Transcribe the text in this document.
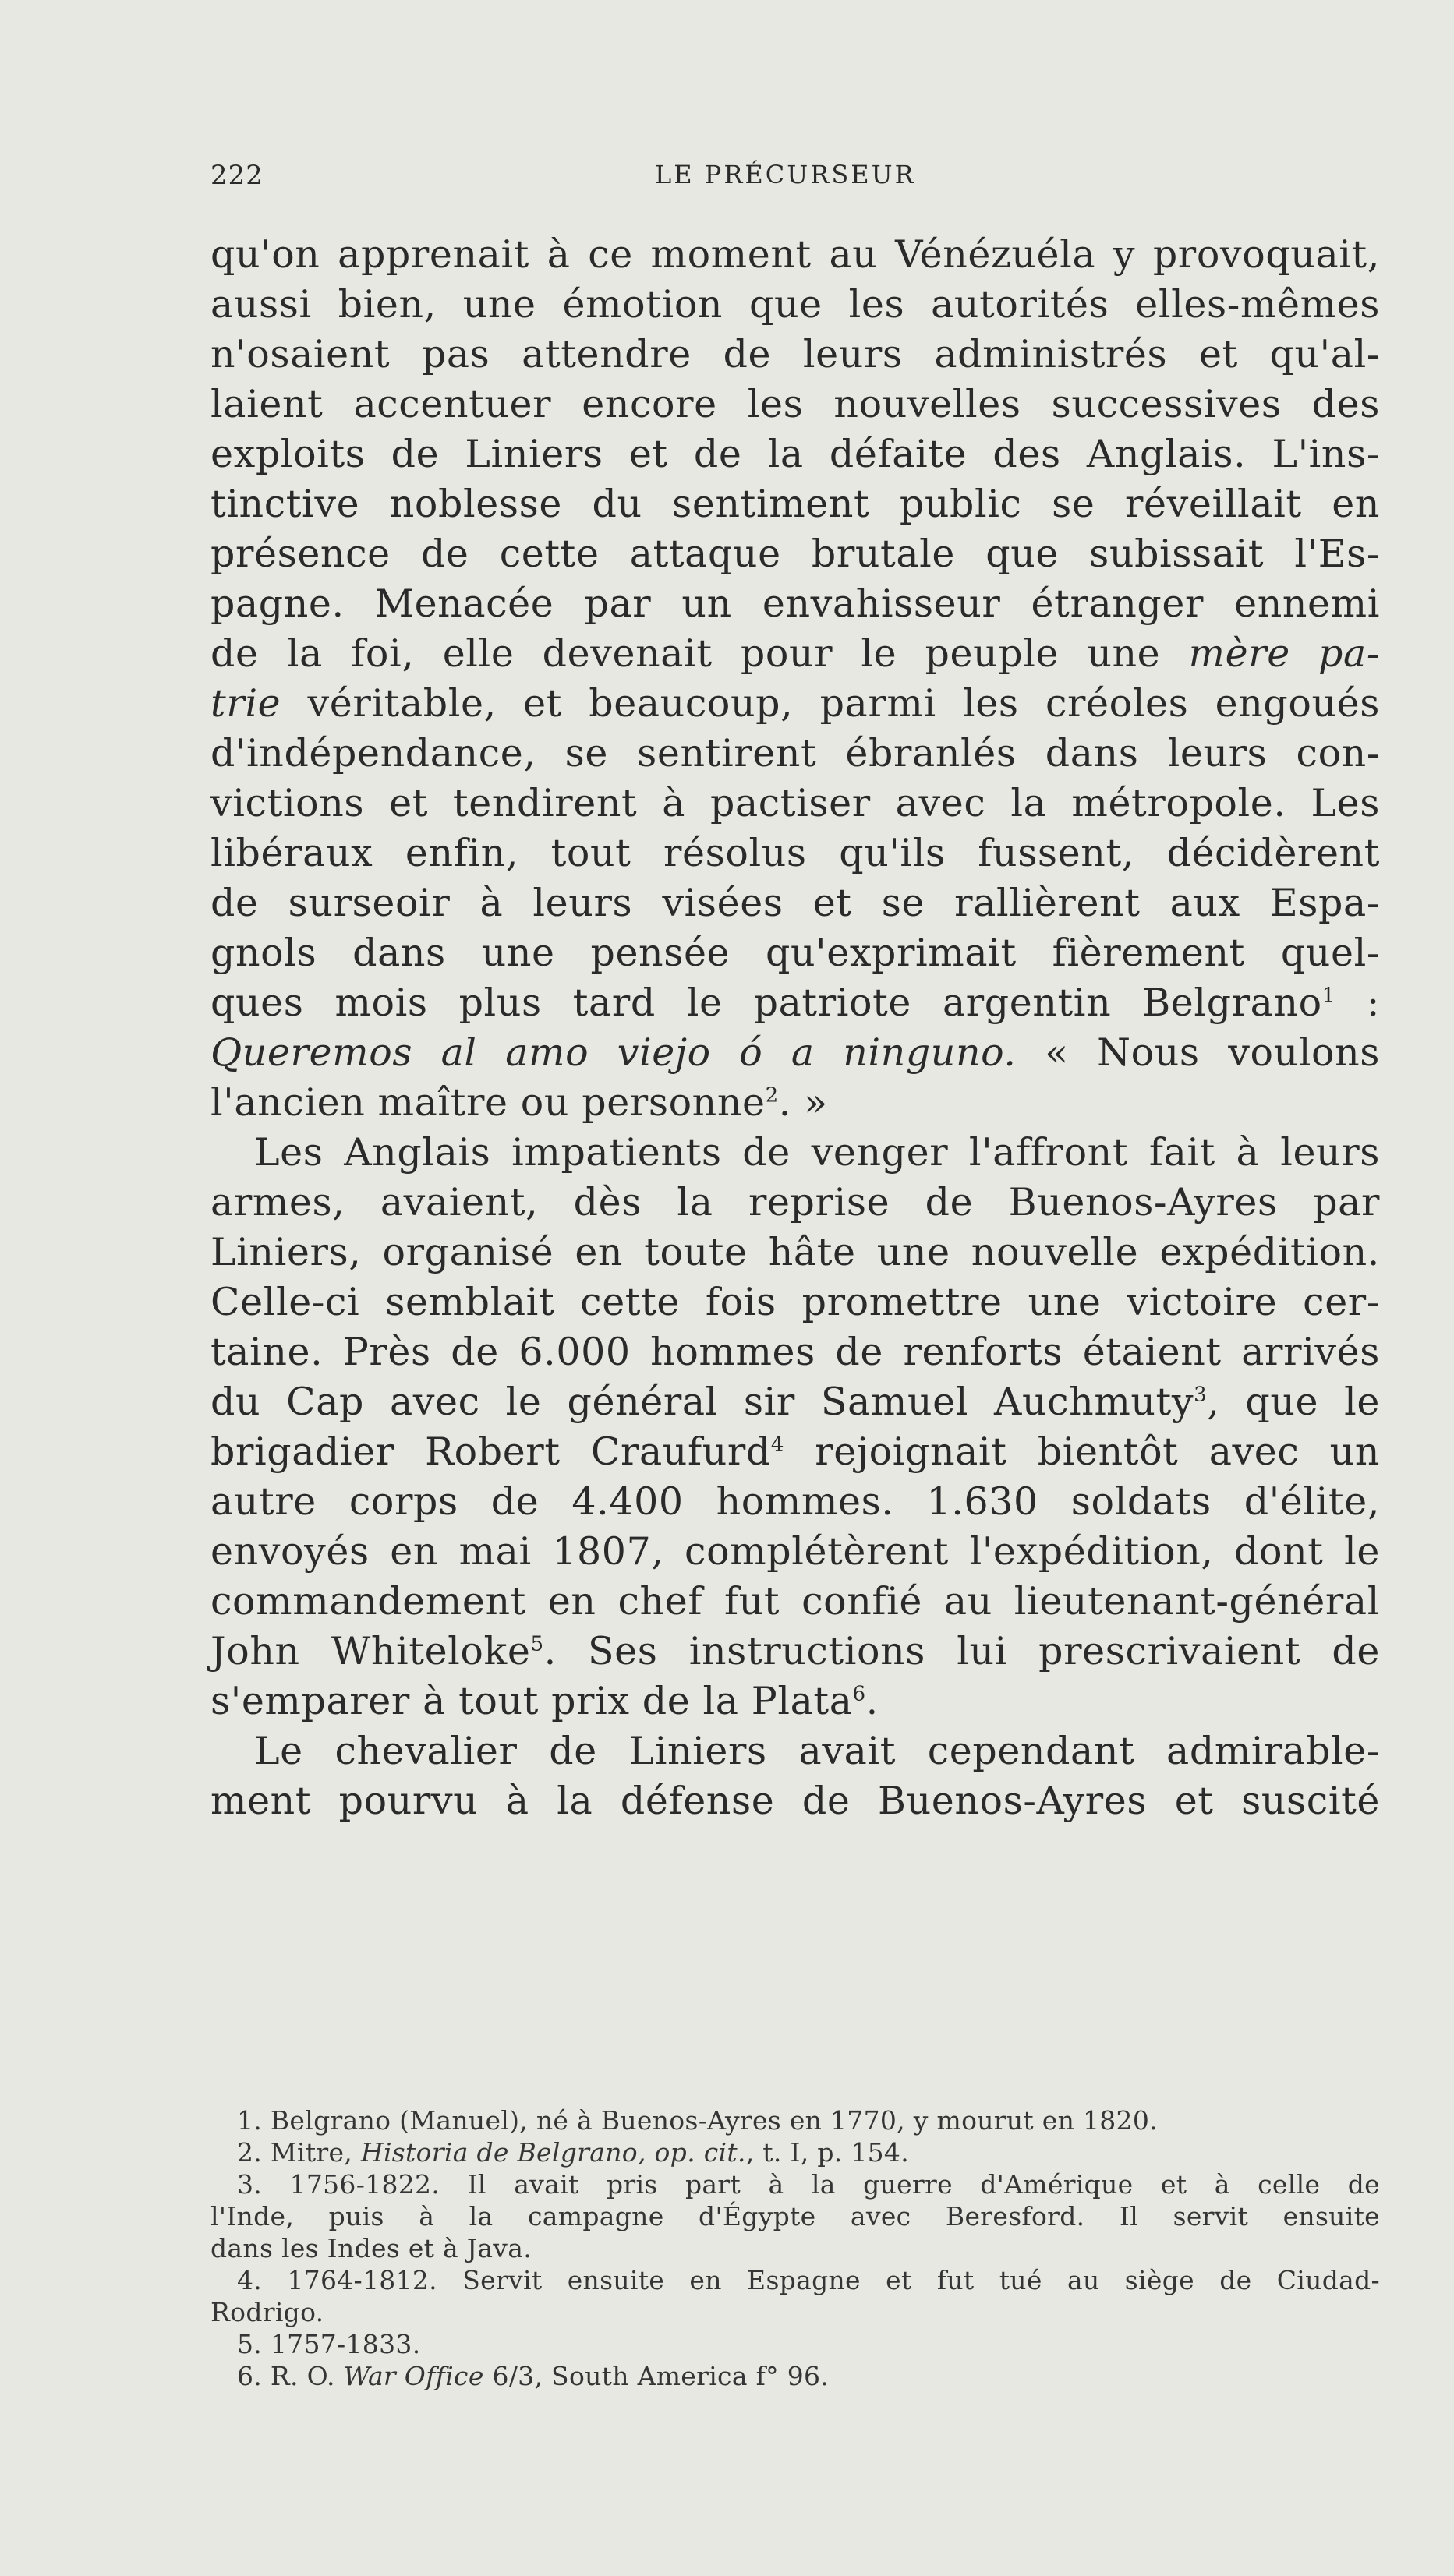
222	LE PRÉCURSEUR
qu'on apprenait à ce moment au Vénézuéla y provoquait,
aussi bien, une émotion que les autorités elles-mêmes
n'osaient pas attendre de leurs administrés et qu'al-
laient accentuer encore les nouvelles successives des
exploits de Liniers et de la défaite des Anglais. L'ins-
tinctive noblesse du sentiment public se réveillait en
présence de cette attaque brutale que subissait l'Es-
pagne. Menacée par un envahisseur étranger ennemi
de la foi, elle devenait pour le peuple une mère pa-
trie véritable, et beaucoup, parmi les créoles engoués
d'indépendance, se sentirent ébranlés dans leurs con-
victions et tendirent à pactiser avec la métropole. Les
libéraux enfin, tout résolus qu'ils fussent, décidèrent
de surseoir à leurs visées et se rallièrent aux Espa-
gnols dans une pensée qu'exprimait fièrement quel-
ques mois plus tard le patriote argentin Belgrano$^1$ :
Queremos al amo viejo ó a ninguno. « Nous voulons
l'ancien maître ou personne$^2$. »
Les Anglais impatients de venger l'affront fait à leurs
armes, avaient, dès la reprise de Buenos-Ayres par
Liniers, organisé en toute hâte une nouvelle expédition.
Celle-ci semblait cette fois promettre une victoire cer-
taine. Près de 6.000 hommes de renforts étaient arrivés
du Cap avec le général sir Samuel Auchmuty$^3$, que le
brigadier Robert Craufurd$^4$ rejoignait bientôt avec un
autre corps de 4.400 hommes. 1.630 soldats d'élite,
envoyés en mai 1807, complétèrent l'expédition, dont le
commandement en chef fut confié au lieutenant-général
John Whiteloke$^5$. Ses instructions lui prescrivaient de
s'emparer à tout prix de la Plata$^6$.
Le chevalier de Liniers avait cependant admirable-
ment pourvu à la défense de Buenos-Ayres et suscité
1. Belgrano (Manuel), né à Buenos-Ayres en 1770, y mourut en 1820.
2. Mitre, Historia de Belgrano, op. cit., t. I, p. 154.
3. 1756-1822. Il avait pris part à la guerre d'Amérique et à celle de
l'Inde, puis à la campagne d'Égypte avec Beresford. Il servit ensuite
dans les Indes et à Java.
4. 1764-1812. Servit ensuite en Espagne et fut tué au siège de Ciudad-
Rodrigo.
5. 1757-1833.
6. R. O. War Office 6/3, South America f° 96.
